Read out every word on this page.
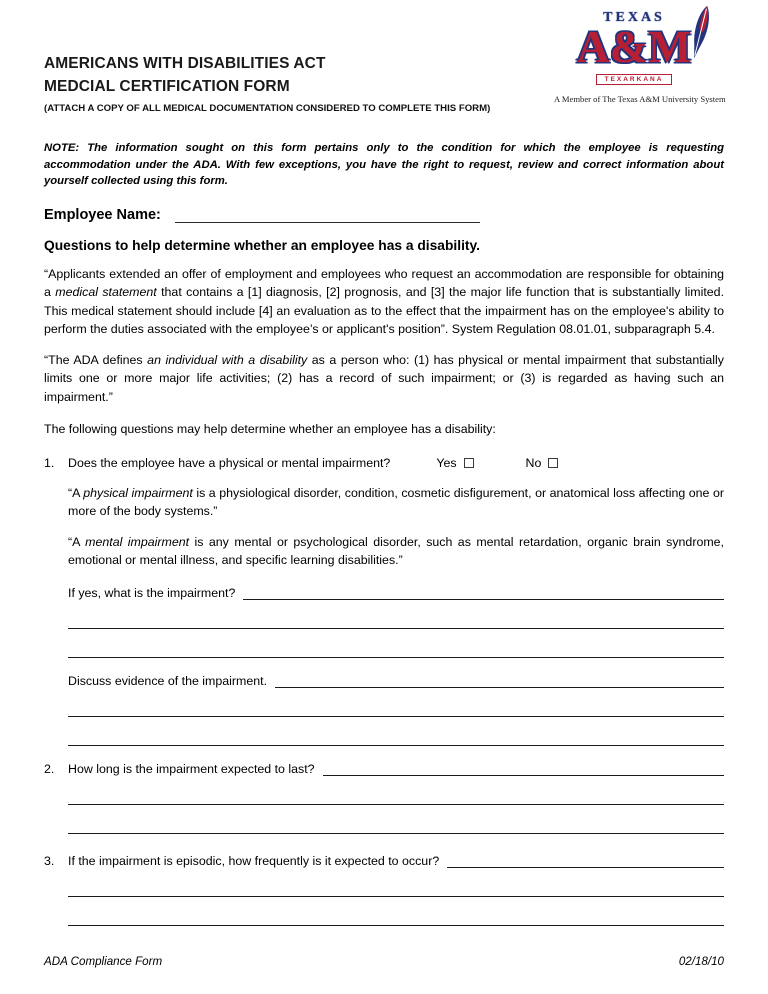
AMERICANS WITH DISABILITIES ACT
MEDCIAL CERTIFICATION FORM
(ATTACH A COPY OF ALL MEDICAL DOCUMENTATION CONSIDERED TO COMPLETE THIS FORM)
TEXAS
A&M
TEXARKANA
A Member of The Texas A&M University System

NOTE: The information sought on this form pertains only to the condition for which the employee is requesting accommodation under the ADA. With few exceptions, you have the right to request, review and correct information about yourself collected using this form.

Employee Name:
Questions to help determine whether an employee has a disability.

“Applicants extended an offer of employment and employees who request an accommodation are responsible for obtaining a medical statement that contains a [1] diagnosis, [2] prognosis, and [3] the major life function that is substantially limited. This medical statement should include [4] an evaluation as to the effect that the impairment has on the employee's ability to perform the duties associated with the employee’s or applicant's position”. System Regulation 08.01.01, subparagraph 5.4.

“The ADA defines an individual with a disability as a person who: (1) has physical or mental impairment that substantially limits one or more major life activities; (2) has a record of such impairment; or (3) is regarded as having such an impairment.”

The following questions may help determine whether an employee has a disability:

1.	Does the employee have a physical or mental impairment?	Yes	No

“A physical impairment is a physiological disorder, condition, cosmetic disfigurement, or anatomical loss affecting one or more of the body systems.”

“A mental impairment is any mental or psychological disorder, such as mental retardation, organic brain syndrome, emotional or mental illness, and specific learning disabilities.”

If yes, what is the impairment?
Discuss evidence of the impairment.
2.	How long is the impairment expected to last?
3.	If the impairment is episodic, how frequently is it expected to occur?
ADA Compliance Form	02/18/10
